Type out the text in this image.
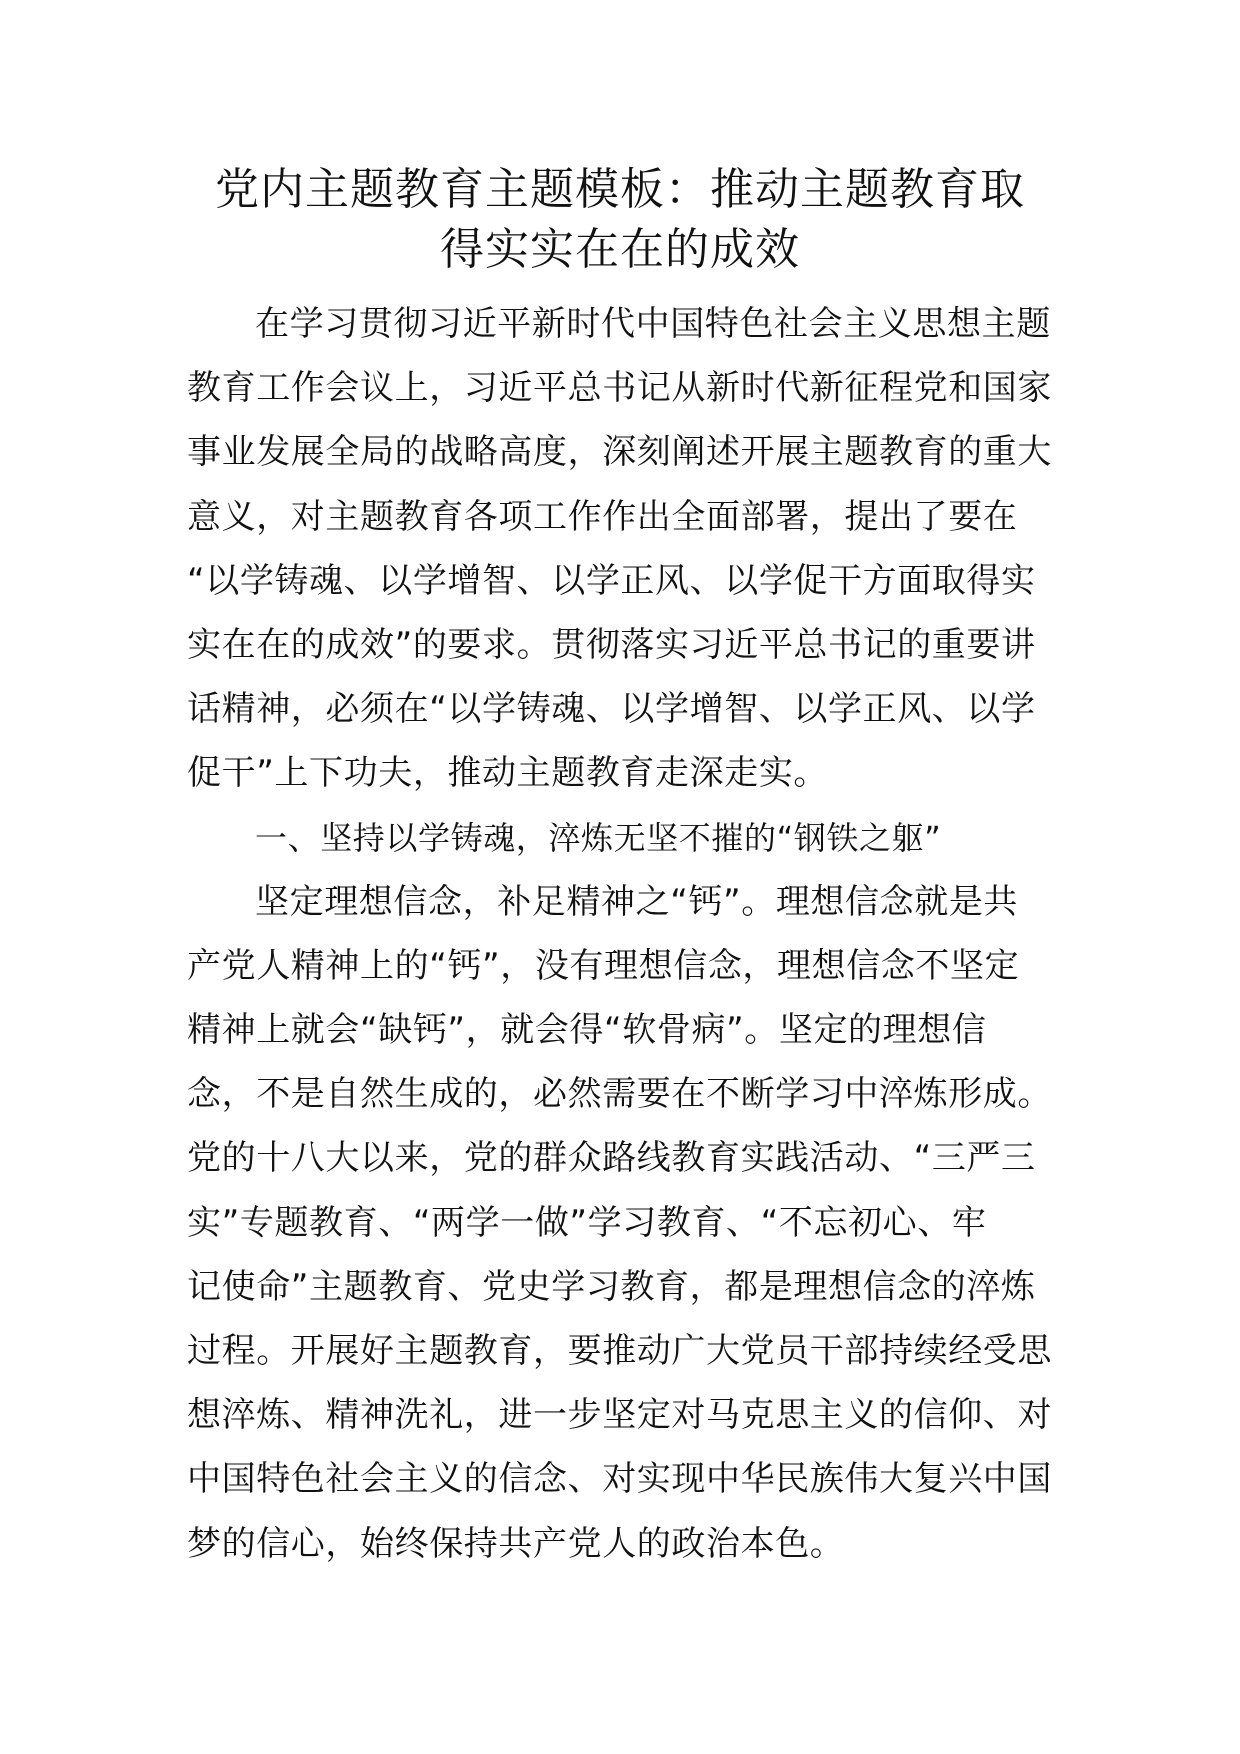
党内主题教育主题模板：推动主题教育取
得实实在在的成效
在学习贯彻习近平新时代中国特色社会主义思想主题
教育工作会议上，习近平总书记从新时代新征程党和国家
事业发展全局的战略高度，深刻阐述开展主题教育的重大
意义，对主题教育各项工作作出全面部署，提出了要在
“以学铸魂、以学增智、以学正风、以学促干方面取得实
实在在的成效”的要求。贯彻落实习近平总书记的重要讲
话精神，必须在“以学铸魂、以学增智、以学正风、以学
促干”上下功夫，推动主题教育走深走实。
一、坚持以学铸魂，淬炼无坚不摧的“钢铁之躯”
坚定理想信念，补足精神之“钙”。理想信念就是共
产党人精神上的“钙”，没有理想信念，理想信念不坚定
精神上就会“缺钙”，就会得“软骨病”。坚定的理想信
念，不是自然生成的，必然需要在不断学习中淬炼形成。
党的十八大以来，党的群众路线教育实践活动、“三严三
实”专题教育、“两学一做”学习教育、“不忘初心、牢
记使命”主题教育、党史学习教育，都是理想信念的淬炼
过程。开展好主题教育，要推动广大党员干部持续经受思
想淬炼、精神洗礼，进一步坚定对马克思主义的信仰、对
中国特色社会主义的信念、对实现中华民族伟大复兴中国
梦的信心，始终保持共产党人的政治本色。
